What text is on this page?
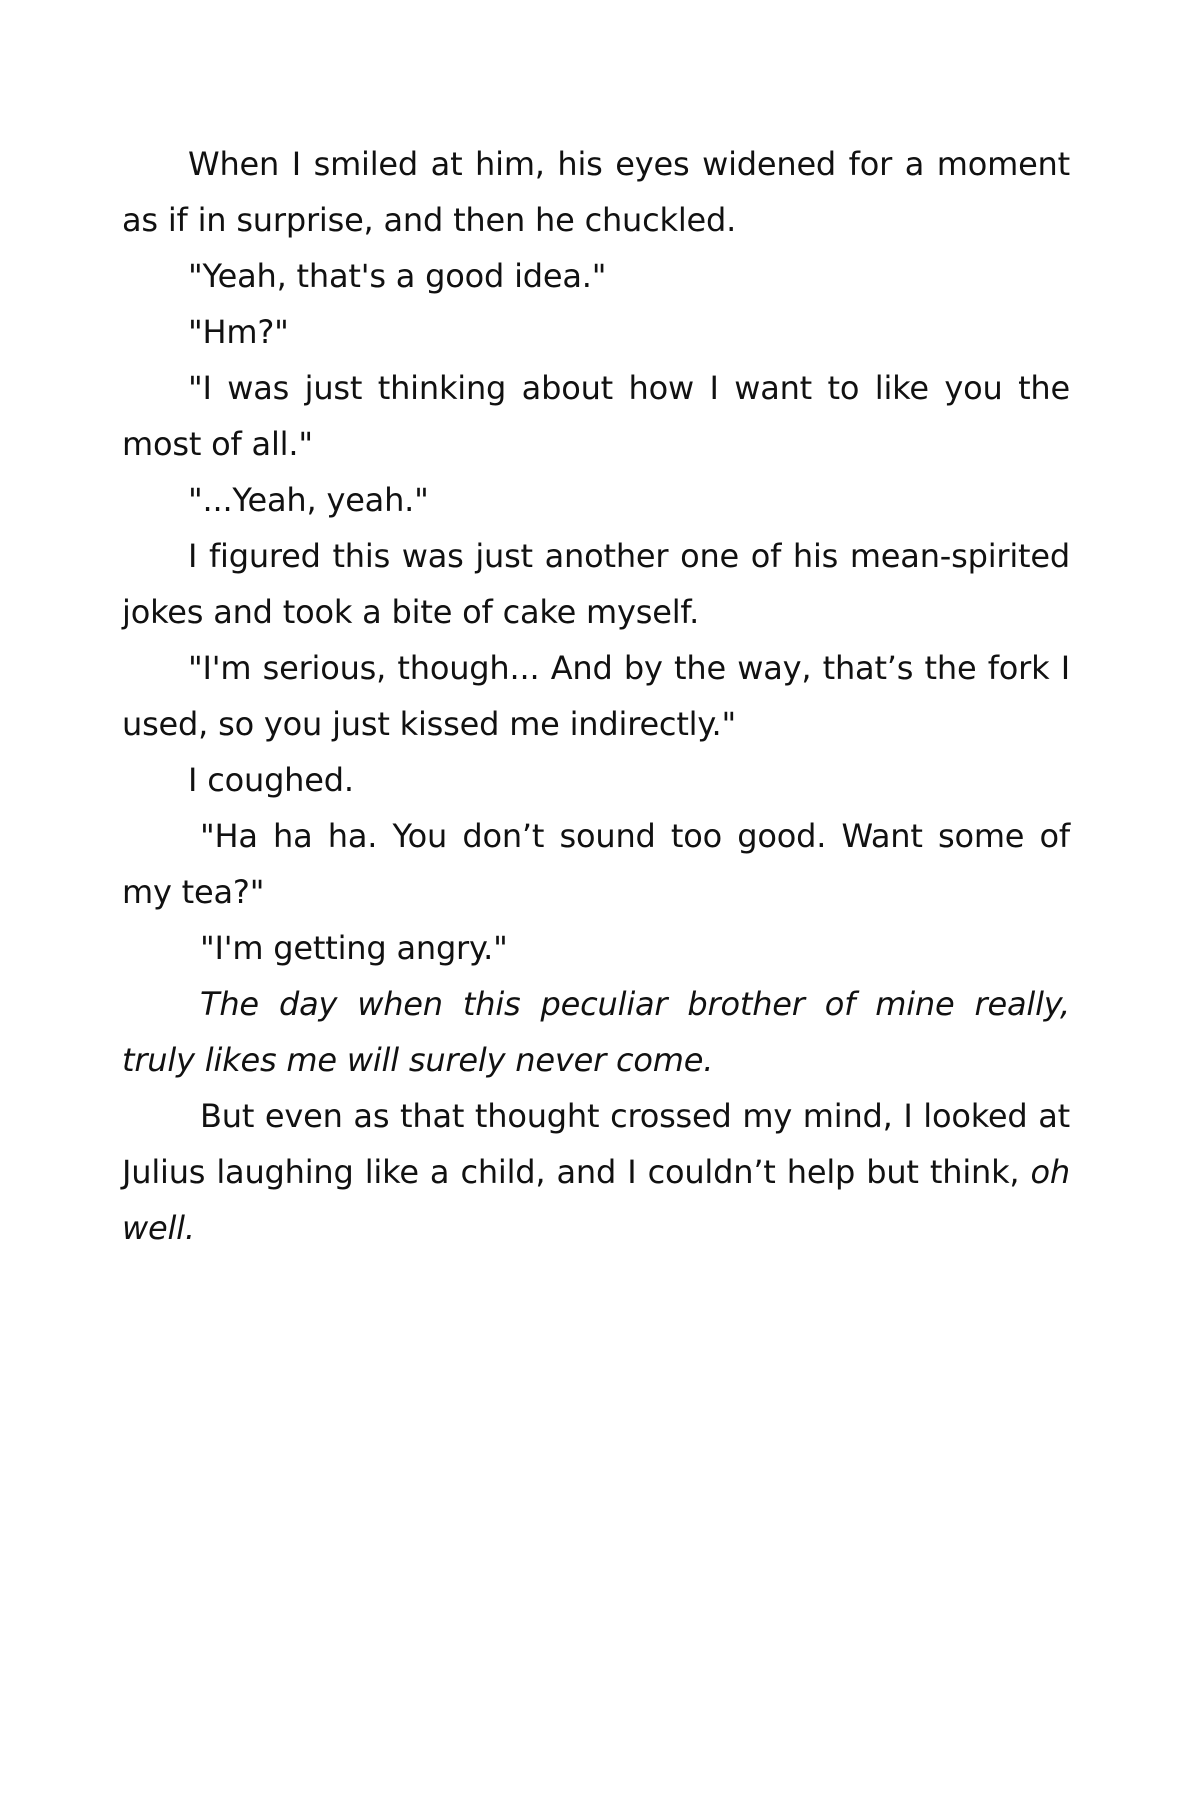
When I smiled at him, his eyes widened for a moment as if in surprise, and then he chuckled.

"Yeah, that's a good idea."

"Hm?"

"I was just thinking about how I want to like you the most of all."

"...Yeah, yeah."

I figured this was just another one of his mean-spirited jokes and took a bite of cake myself.

"I'm serious, though... And by the way, that’s the fork I used, so you just kissed me indirectly."

I coughed.

"Ha ha ha. You don’t sound too good. Want some of my tea?"

"I'm getting angry."

The day when this peculiar brother of mine really, truly likes me will surely never come.

But even as that thought crossed my mind, I looked at Julius laughing like a child, and I couldn’t help but think, oh well.
